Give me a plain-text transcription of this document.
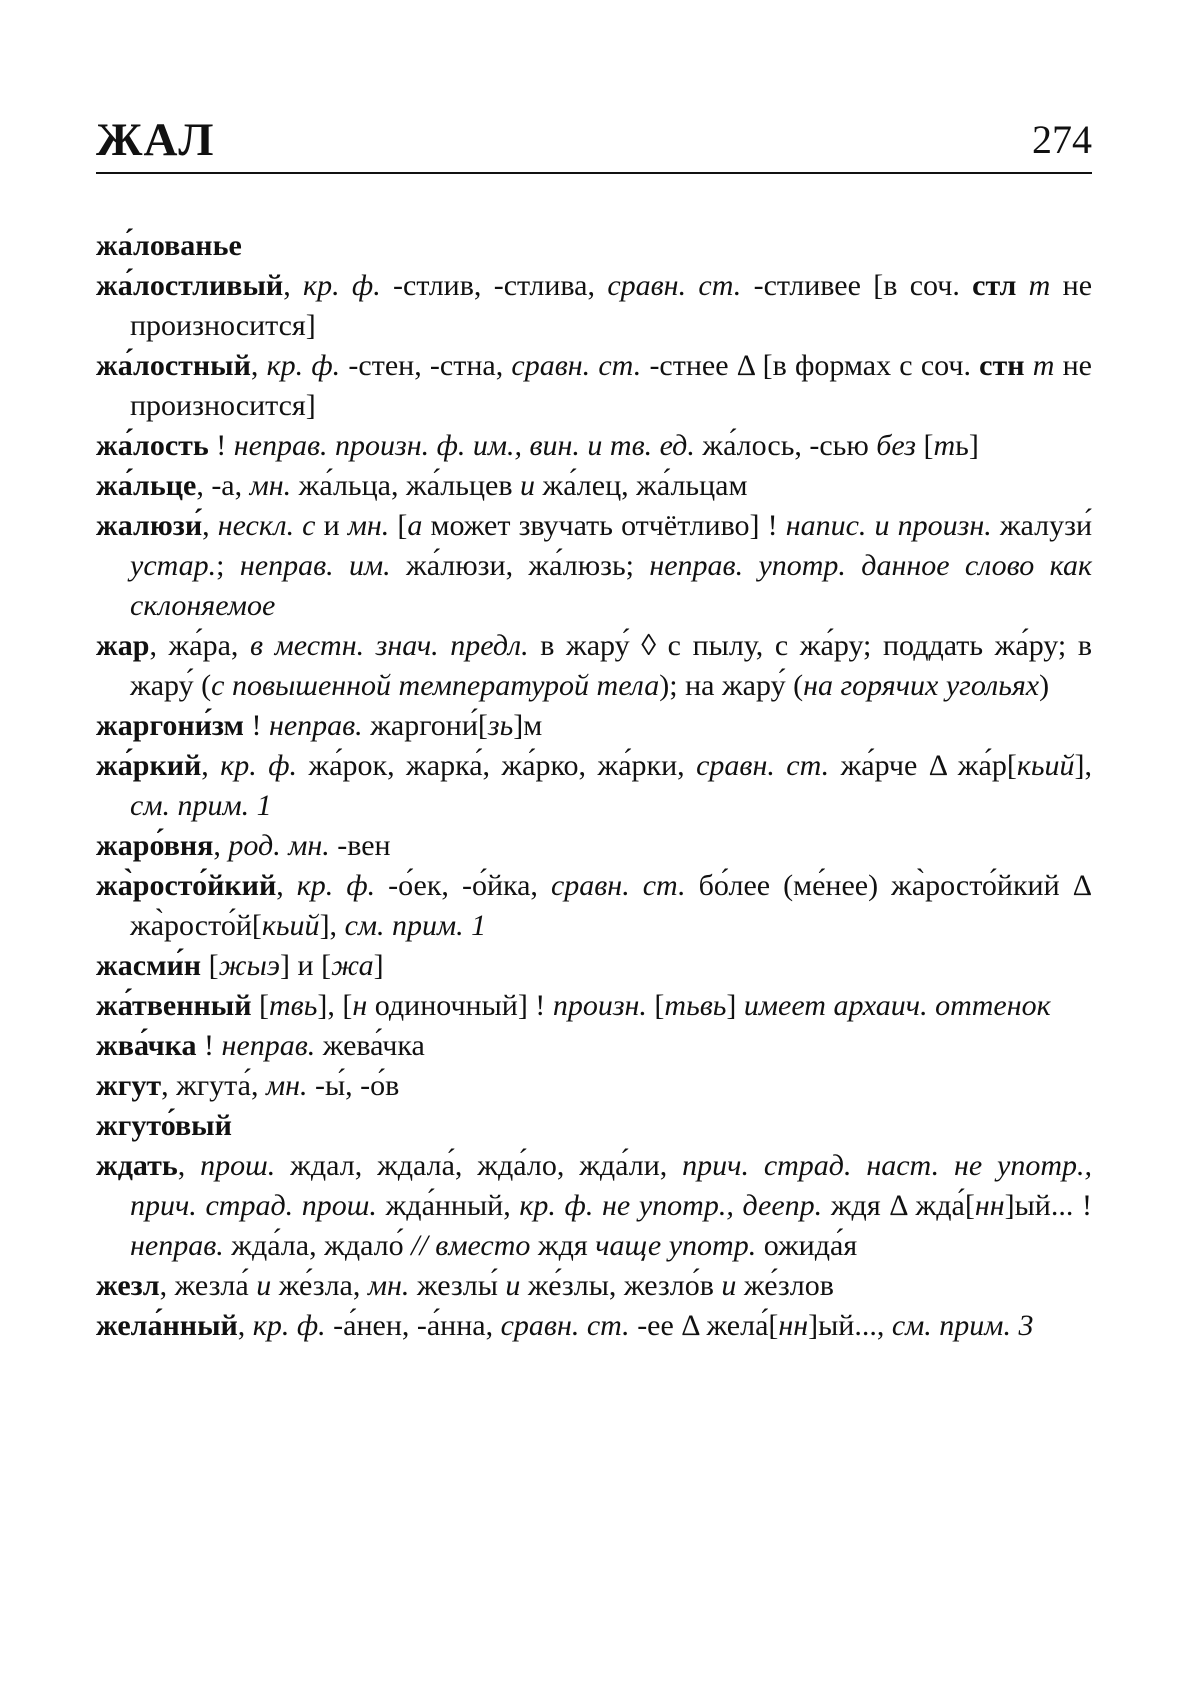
ЖАЛ	274

жа́лованье

жа́лостливый, кр. ф. -стлив, -стлива, сравн. ст. -стливее [в соч. стл т не произносится]

жа́лостный, кр. ф. -стен, -стна, сравн. ст. -стнее Δ [в формах с соч. стн т не произносится]

жа́лость ! неправ. произн. ф. им., вин. и тв. ед. жа́лось, -сью без [ть]

жа́льце, -а, мн. жа́льца, жа́льцев и жа́лец, жа́льцам

жалюзи́, нескл. с и мн. [а может звучать отчётливо] ! напис. и произн. жалузи́ устар.; неправ. им. жа́люзи, жа́люзь; неправ. употр. данное слово как склоняемое

жар, жа́ра, в местн. знач. предл. в жару́ ◊ с пылу, с жа́ру; поддать жа́ру; в жару́ (с повышенной температурой тела); на жару́ (на горячих угольях)

жаргони́зм ! неправ. жаргони́[зь]м

жа́ркий, кр. ф. жа́рок, жарка́, жа́рко, жа́рки, сравн. ст. жа́рче Δ жа́р[кьий], см. прим. 1

жаро́вня, род. мн. -вен

жа̀росто́йкий, кр. ф. -о́ек, -о́йка, сравн. ст. бо́лее (ме́нее) жа̀росто́йкий Δ жа̀росто́й[кьий], см. прим. 1

жасми́н [жыэ] и [жа]

жа́твенный [твь], [н одиночный] ! произн. [тьвь] имеет архаич. оттенок

жва́чка ! неправ. жева́чка

жгут, жгута́, мн. -ы́, -о́в

жгуто́вый

ждать, прош. ждал, ждала́, жда́ло, жда́ли, прич. страд. наст. не употр., прич. страд. прош. жда́нный, кр. ф. не употр., деепр. ждя Δ жда́[нн]ый... ! неправ. жда́ла, ждало́ // вместо ждя чаще употр. ожида́я

жезл, жезла́ и же́зла, мн. жезлы́ и же́злы, жезло́в и же́злов

жела́нный, кр. ф. -а́нен, -а́нна, сравн. ст. -ее Δ жела́[нн]ый..., см. прим. 3
